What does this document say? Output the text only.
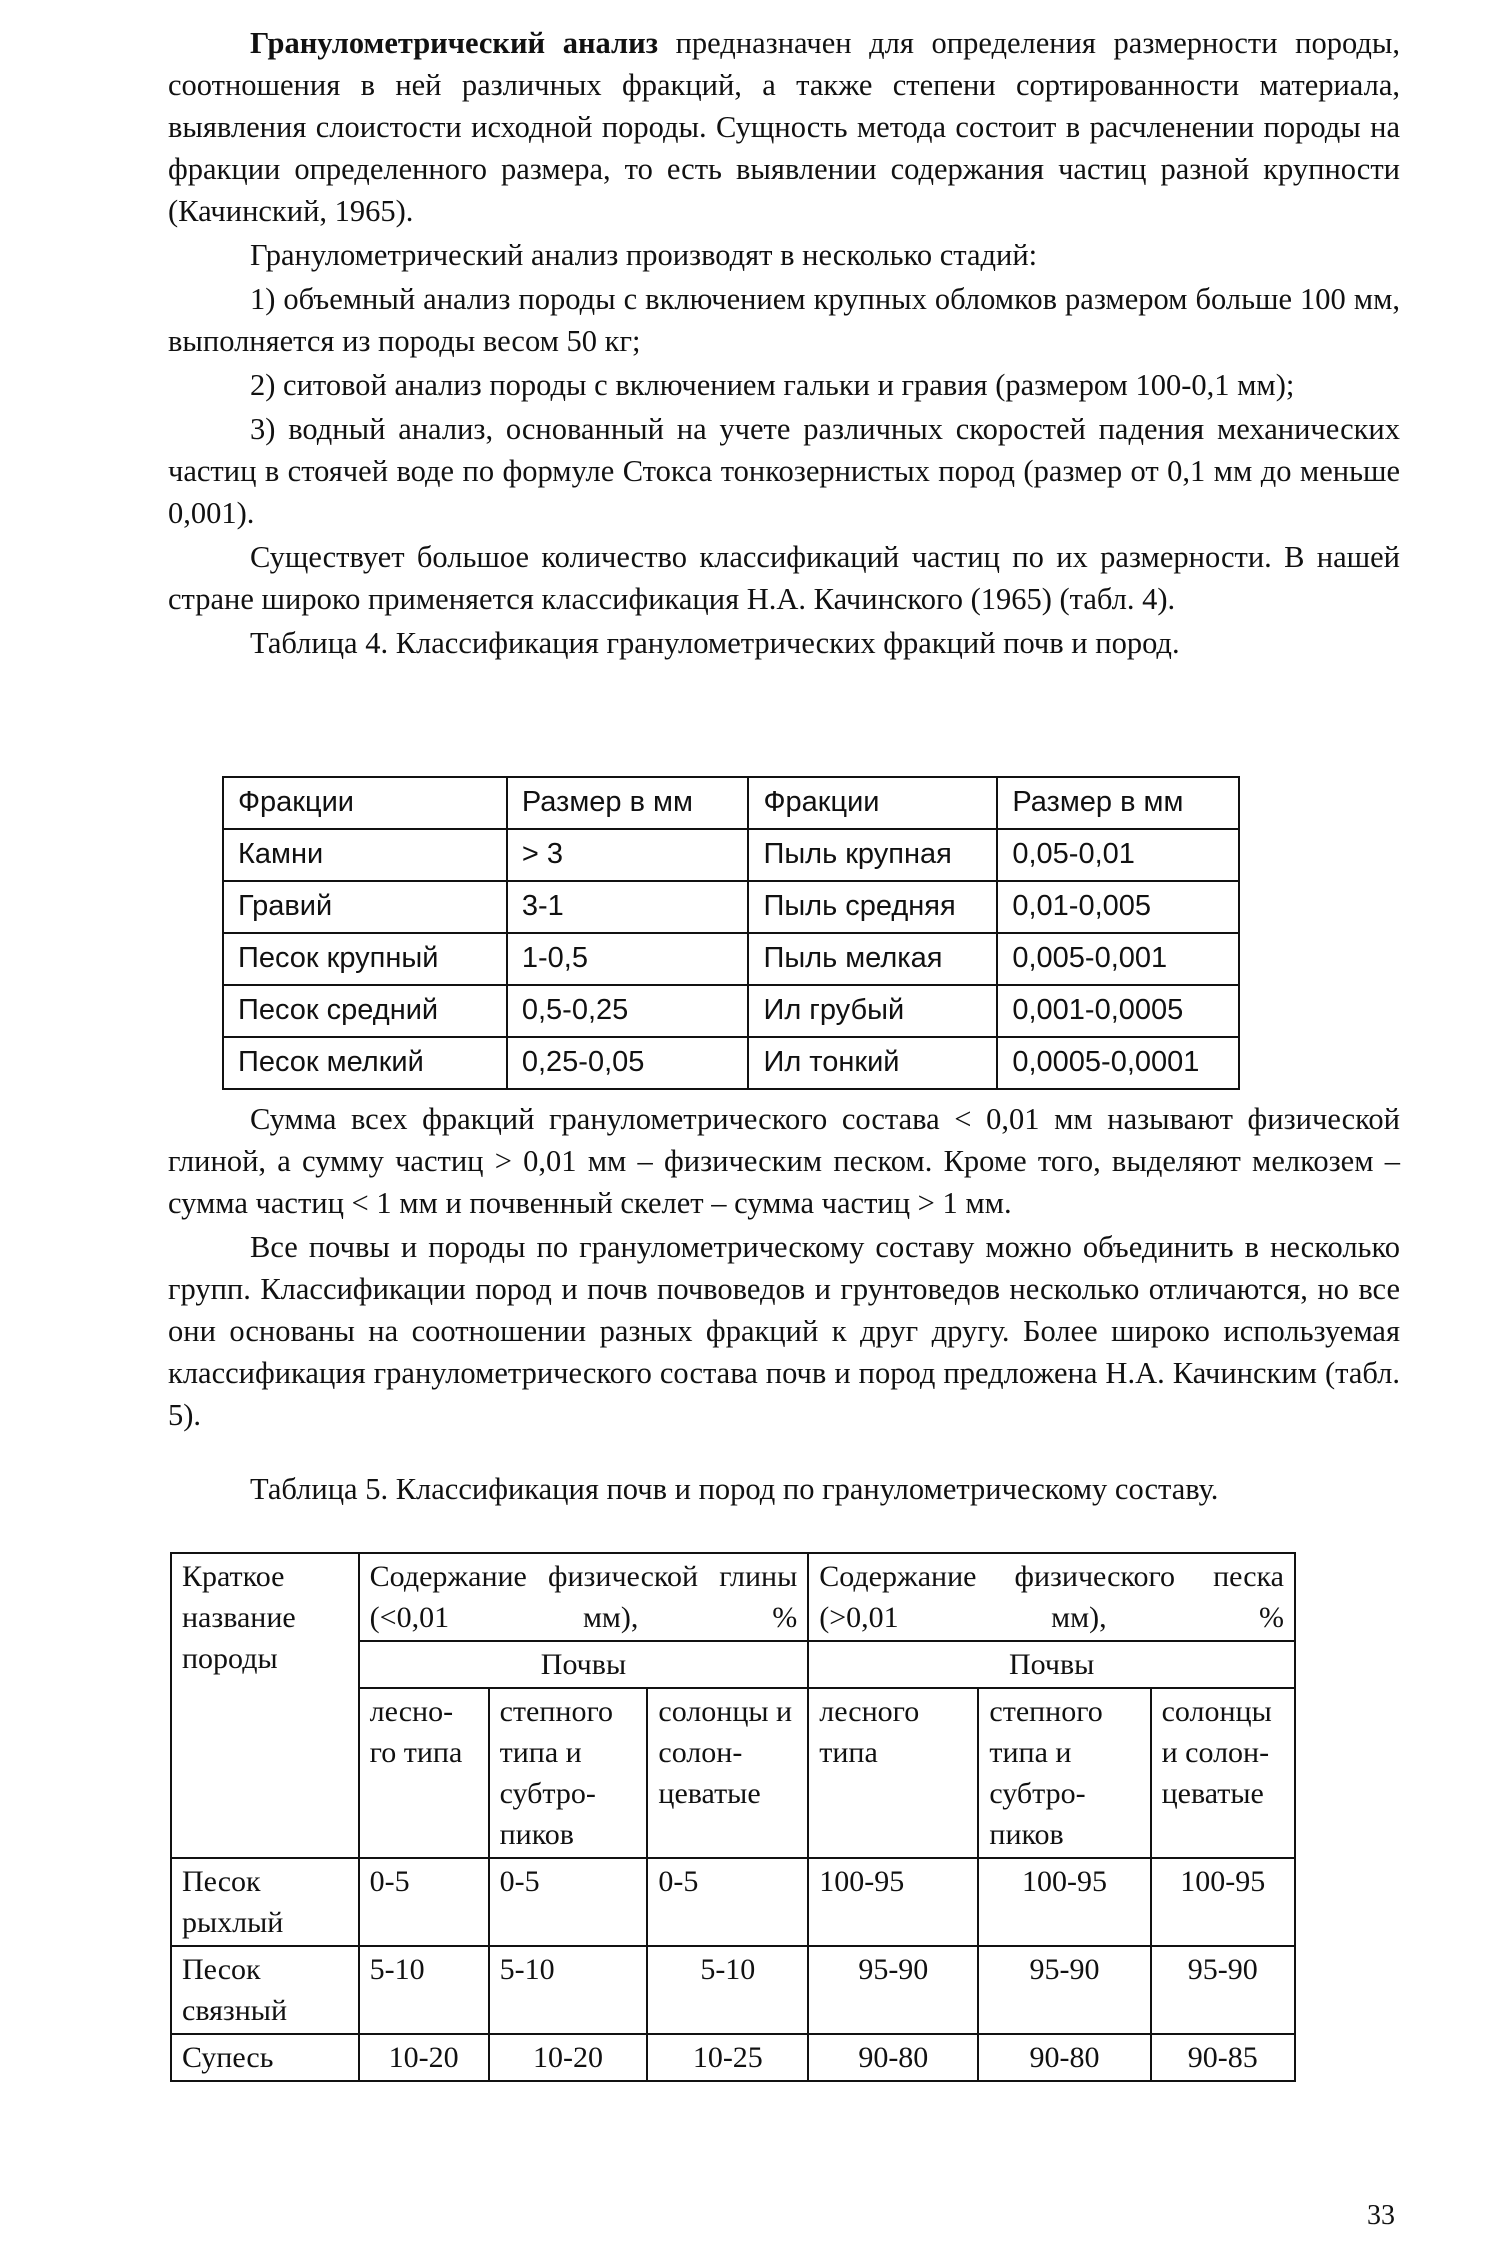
Гранулометрический анализ предназначен для определения размерности породы, соотношения в ней различных фракций, а также степени сортированности материала, выявления слоистости исходной породы. Сущность метода состоит в расчленении породы на фракции определенного размера, то есть выявлении содержания частиц разной крупности (Качинский, 1965).

Гранулометрический анализ производят в несколько стадий:

1) объемный анализ породы с включением крупных обломков размером больше 100 мм, выполняется из породы весом 50 кг;

2) ситовой анализ породы с включением гальки и гравия (размером 100-0,1 мм);

3) водный анализ, основанный на учете различных скоростей падения механических частиц в стоячей воде по формуле Стокса тонкозернистых пород (размер от 0,1 мм до меньше 0,001).

Существует большое количество классификаций частиц по их размерности. В нашей стране широко применяется классификация Н.А. Качинского (1965) (табл. 4).

Таблица 4. Классификация гранулометрических фракций почв и пород.

Фракции	Размер в мм	Фракции	Размер в мм
Камни	> 3	Пыль крупная	0,05-0,01
Гравий	3-1	Пыль средняя	0,01-0,005
Песок крупный	1-0,5	Пыль мелкая	0,005-0,001
Песок средний	0,5-0,25	Ил грубый	0,001-0,0005
Песок мелкий	0,25-0,05	Ил тонкий	0,0005-0,0001

Сумма всех фракций гранулометрического состава < 0,01 мм называют физической глиной, а сумму частиц > 0,01 мм – физическим песком. Кроме того, выделяют мелкозем – сумма частиц < 1 мм и почвенный скелет – сумма частиц > 1 мм.

Все почвы и породы по гранулометрическому составу можно объединить в несколько групп. Классификации пород и почв почвоведов и грунтоведов несколько отличаются, но все они основаны на соотношении разных фракций к друг другу. Более широко используемая классификация гранулометрического состава почв и пород предложена Н.А. Качинским (табл. 5).

Таблица 5. Классификация почв и пород по гранулометрическому составу.

Краткое название породы	Содержание физической глины (<0,01 мм), %			Содержание физического песка (>0,01 мм), %		
	Почвы			Почвы		
	лесно-го типа	степного типа и субтро-пиков	солонцы и солон-цеватые	лесного типа	степного типа и субтро-пиков	солонцы и солон-цеватые
Песок рыхлый	0-5	0-5	0-5	100-95	100-95	100-95
Песок связный	5-10	5-10	5-10	95-90	95-90	95-90
Супесь	10-20	10-20	10-25	90-80	90-80	90-85
33
